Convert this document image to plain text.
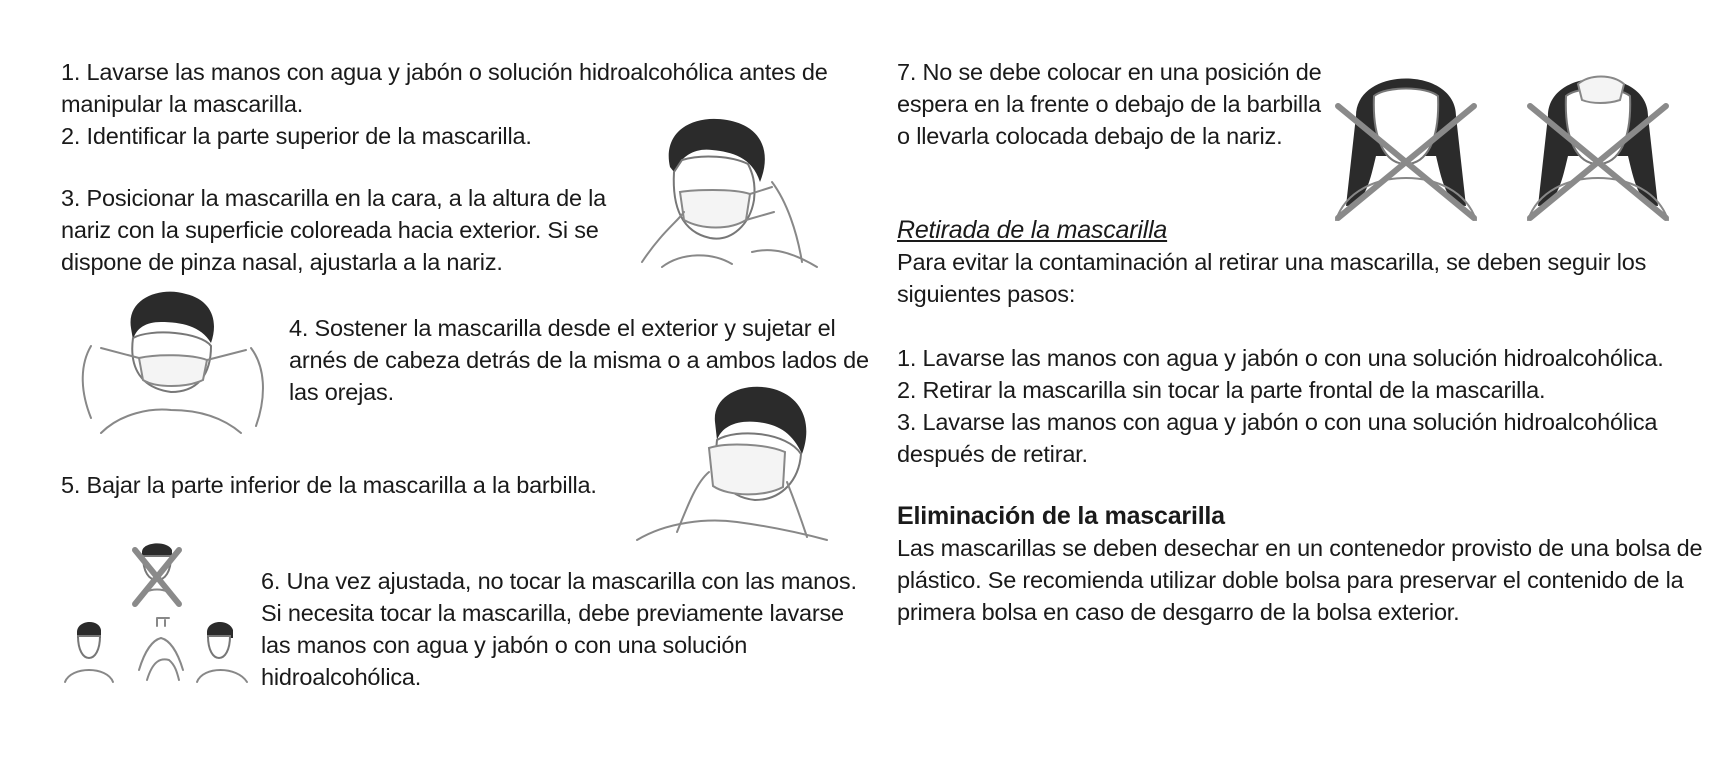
1. Lavarse las manos con agua y jabón o solución hidroalcohólica antes de
manipular la mascarilla.
2. Identificar la parte superior de la mascarilla.
3. Posicionar la mascarilla en la cara, a la altura de la
nariz con la superficie coloreada hacia exterior. Si se
dispone de pinza nasal, ajustarla a la nariz.
4. Sostener la mascarilla desde el exterior y sujetar el
arnés de cabeza detrás de la misma o a ambos lados de
las orejas.
5. Bajar la parte inferior de la mascarilla a la barbilla.
6. Una vez ajustada, no tocar la mascarilla con las manos.
Si necesita tocar la mascarilla, debe previamente lavarse
las manos con agua y jabón o con una solución
hidroalcohólica.
7. No se debe colocar en una posición de
espera en la frente o debajo de la barbilla
o llevarla colocada debajo de la nariz.
Retirada de la mascarilla
Para evitar la contaminación al retirar una mascarilla, se deben seguir los
siguientes pasos:
1. Lavarse las manos con agua y jabón o con una solución hidroalcohólica.
2. Retirar la mascarilla sin tocar la parte frontal de la mascarilla.
3. Lavarse las manos con agua y jabón o con una solución hidroalcohólica
después de retirar.
Eliminación de la mascarilla
Las mascarillas se deben desechar en un contenedor provisto de una bolsa de
plástico. Se recomienda utilizar doble bolsa para preservar el contenido de la
primera bolsa en caso de desgarro de la bolsa exterior.
